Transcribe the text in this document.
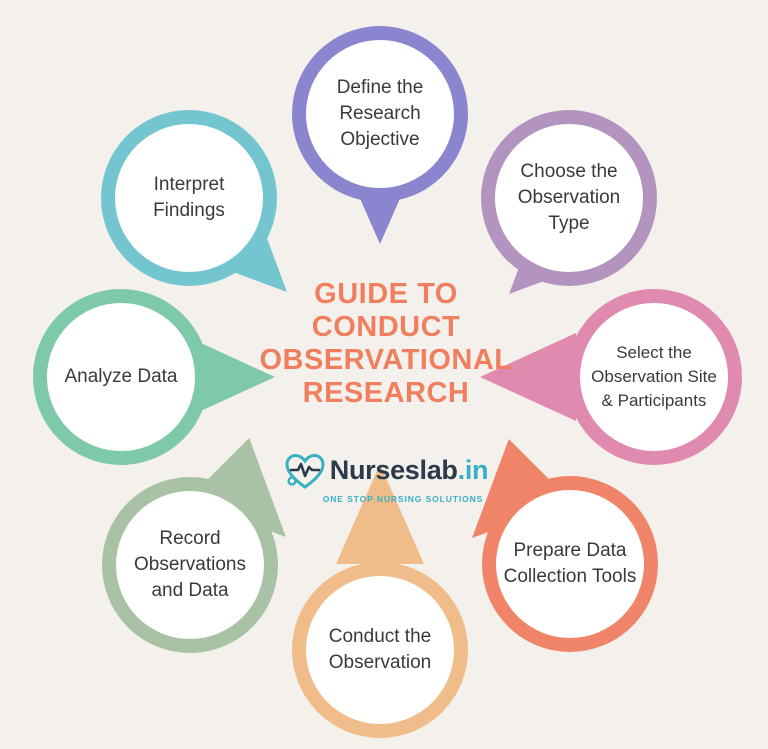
Define the Research Objective
Choose the Observation Type
Select the Observation Site & Participants
Prepare Data Collection Tools
Conduct the Observation
Record Observations and Data
Analyze Data
Interpret Findings
GUIDE TO
CONDUCT
OBSERVATIONAL
RESEARCH
Nurseslab.in
ONE STOP NURSING SOLUTIONS
